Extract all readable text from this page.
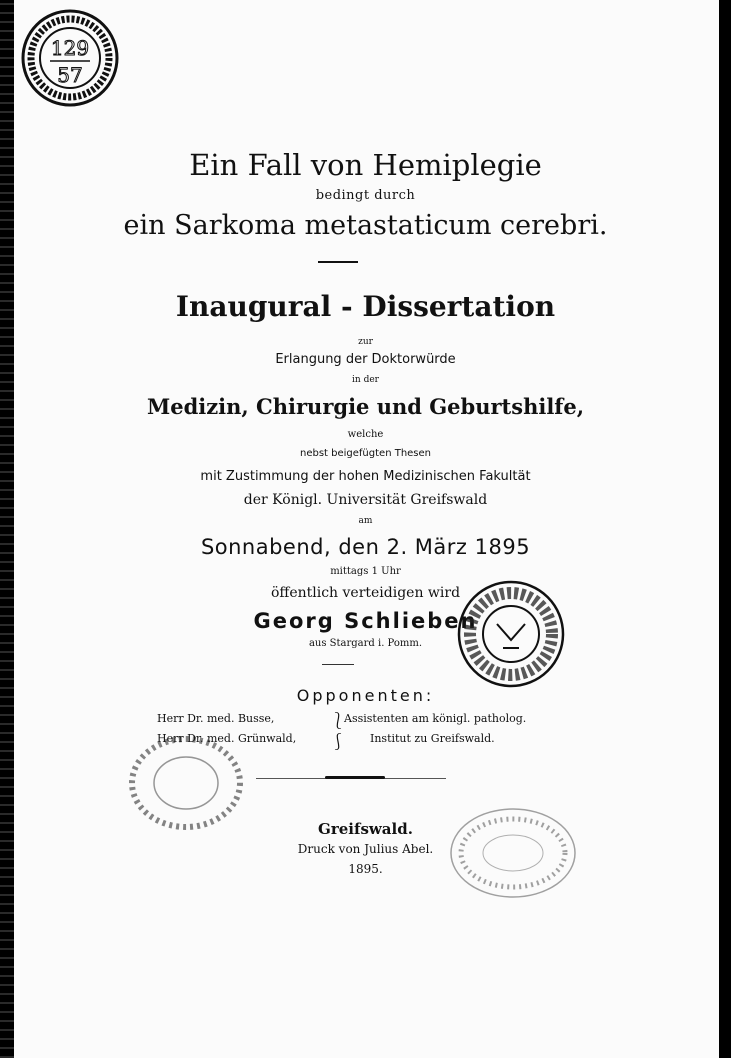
129
57
Ein Fall von Hemiplegie
bedingt durch
ein Sarkoma metastaticum cerebri.
Inaugural - Dissertation
zur
Erlangung der Doktorwürde
in der
Medizin, Chirurgie und Geburtshilfe,
welche
nebst beigefügten Thesen
mit Zustimmung der hohen Medizinischen Fakultät
der Königl. Universität Greifswald
am
Sonnabend, den 2. März 1895
mittags 1 Uhr
öffentlich verteidigen wird
Georg Schlieben
aus Stargard i. Pomm.
Opponenten:
Herr Dr. med. Busse,	⎱
Assistenten am königl. patholog.
Herr Dr. med. Grünwald, ⎰ Institut zu Greifswald.
Greifswald.
Druck von Julius Abel.
1895.
